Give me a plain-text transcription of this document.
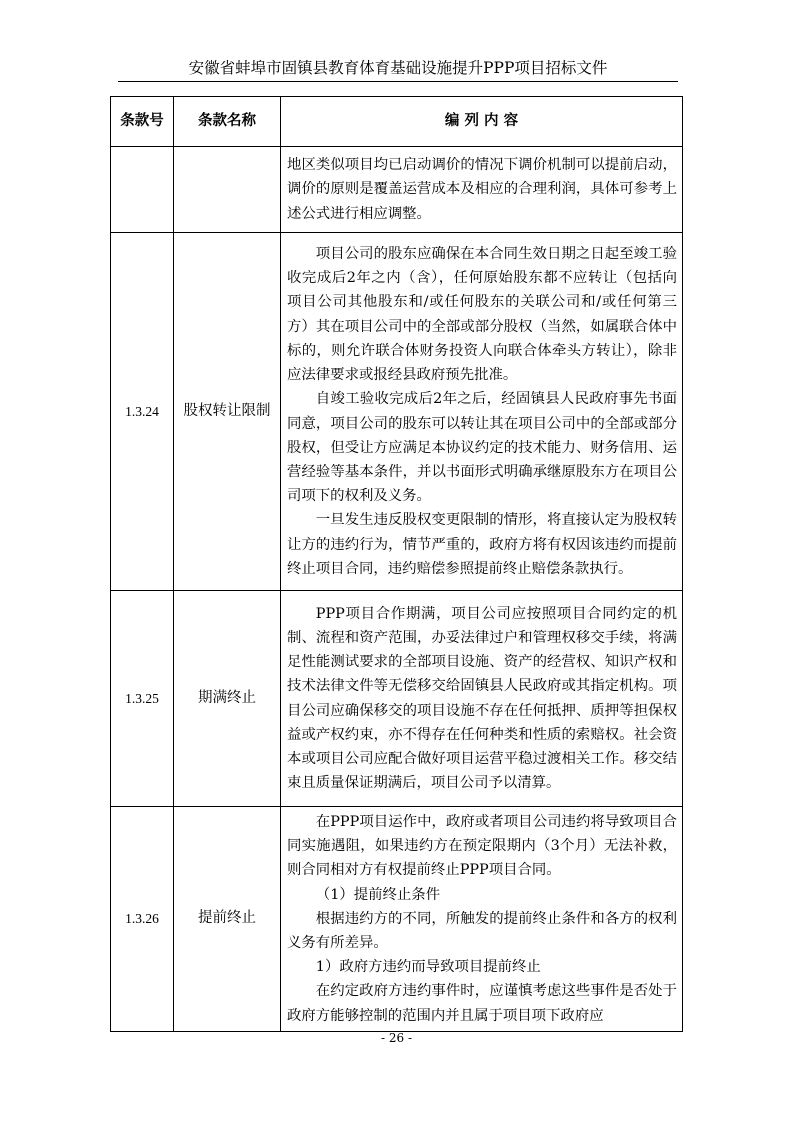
安徽省蚌埠市固镇县教育体育基础设施提升PPP项目招标文件
条款号	条款名称	编 列 内 容

		地区类似项目均已启动调价的情况下调价机制可以提前启动，调价的原则是覆盖运营成本及相应的合理利润，具体可参考上述公式进行相应调整。

1.3.24	股权转让限制	项目公司的股东应确保在本合同生效日期之日起至竣工验收完成后2年之内（含），任何原始股东都不应转让（包括向项目公司其他股东和/或任何股东的关联公司和/或任何第三方）其在项目公司中的全部或部分股权（当然，如属联合体中标的，则允许联合体财务投资人向联合体牵头方转让），除非应法律要求或报经县政府预先批准。

自竣工验收完成后2年之后，经固镇县人民政府事先书面同意，项目公司的股东可以转让其在项目公司中的全部或部分股权，但受让方应满足本协议约定的技术能力、财务信用、运营经验等基本条件，并以书面形式明确承继原股东方在项目公司项下的权利及义务。

一旦发生违反股权变更限制的情形，将直接认定为股权转让方的违约行为，情节严重的，政府方将有权因该违约而提前终止项目合同，违约赔偿参照提前终止赔偿条款执行。

1.3.25	期满终止	PPP项目合作期满，项目公司应按照项目合同约定的机制、流程和资产范围，办妥法律过户和管理权移交手续，将满足性能测试要求的全部项目设施、资产的经营权、知识产权和技术法律文件等无偿移交给固镇县人民政府或其指定机构。项目公司应确保移交的项目设施不存在任何抵押、质押等担保权益或产权约束，亦不得存在任何种类和性质的索赔权。社会资本或项目公司应配合做好项目运营平稳过渡相关工作。移交结束且质量保证期满后，项目公司予以清算。

1.3.26	提前终止	在PPP项目运作中，政府或者项目公司违约将导致项目合同实施遇阻，如果违约方在预定限期内（3个月）无法补救，则合同相对方有权提前终止PPP项目合同。

（1）提前终止条件

根据违约方的不同，所触发的提前终止条件和各方的权利义务有所差异。

1）政府方违约而导致项目提前终止

在约定政府方违约事件时，应谨慎考虑这些事件是否处于政府方能够控制的范围内并且属于项目项下政府应

- 26 -
